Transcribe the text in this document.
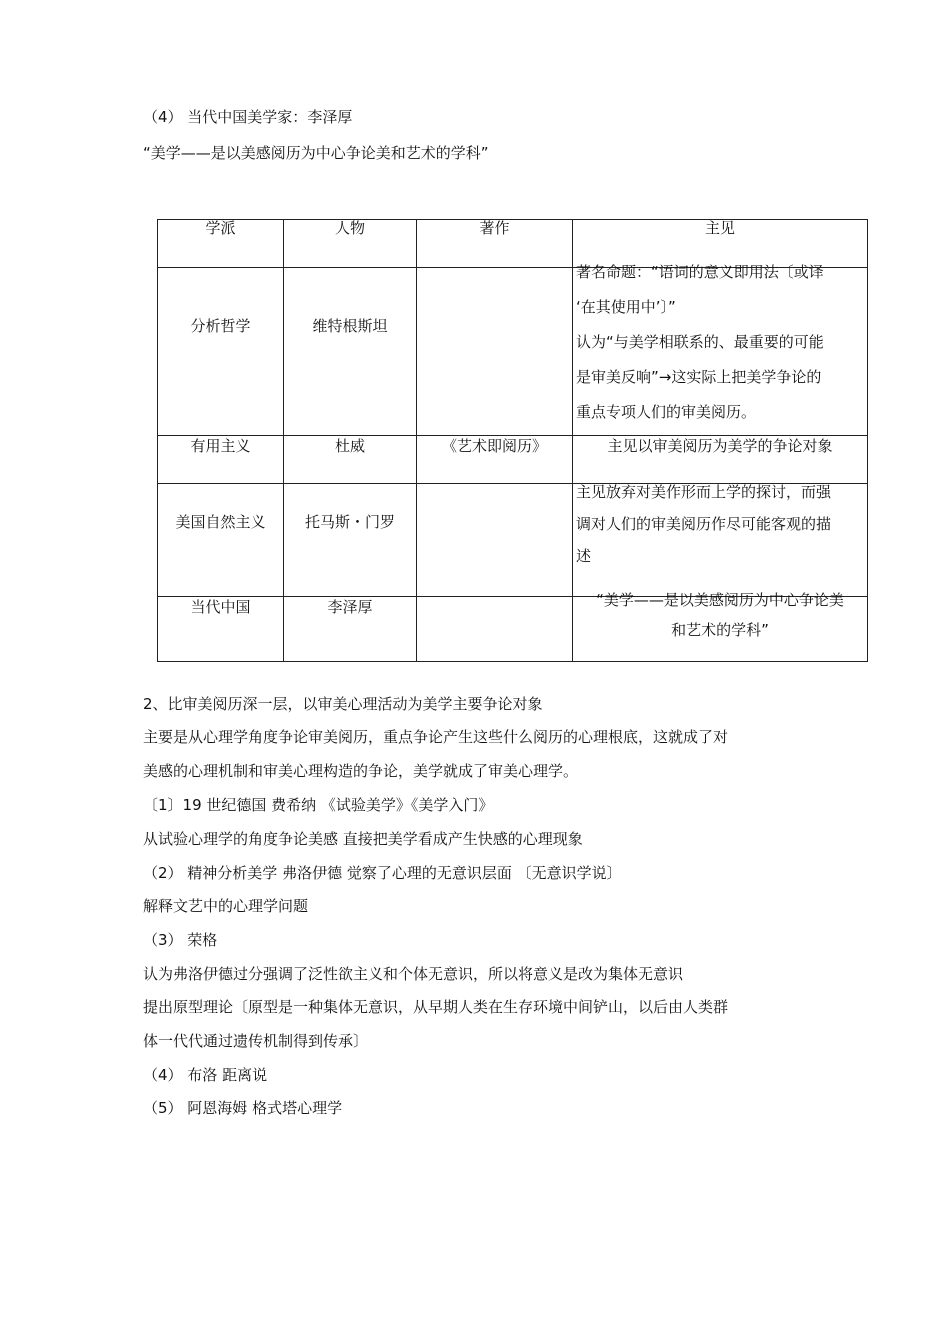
（4） 当代中国美学家：李泽厚
“美学——是以美感阅历为中心争论美和艺术的学科”
学派	人物	著作	主见

分析哲学	维特根斯坦		著名命题：“语词的意义即用法〔或译
‘在其使用中’〕”
认为“与美学相联系的、最重要的可能
是审美反响”→这实际上把美学争论的
重点专项人们的审美阅历。

有用主义	杜威	《艺术即阅历》	主见以审美阅历为美学的争论对象

美国自然主义	托马斯・门罗		主见放弃对美作形而上学的探讨，而强
调对人们的审美阅历作尽可能客观的描
述

当代中国	李泽厚		“美学——是以美感阅历为中心争论美
和艺术的学科”
2、比审美阅历深一层，以审美心理活动为美学主要争论对象
主要是从心理学角度争论审美阅历，重点争论产生这些什么阅历的心理根底，这就成了对
美感的心理机制和审美心理构造的争论，美学就成了审美心理学。
〔1〕19 世纪德国 费希纳 《试验美学》《美学入门》
从试验心理学的角度争论美感 直接把美学看成产生快感的心理现象
（2） 精神分析美学 弗洛伊德 觉察了心理的无意识层面 〔无意识学说〕
解释文艺中的心理学问题
（3） 荣格
认为弗洛伊德过分强调了泛性欲主义和个体无意识，所以将意义是改为集体无意识
提出原型理论〔原型是一种集体无意识，从早期人类在生存环境中间铲山，以后由人类群
体一代代通过遗传机制得到传承〕
（4） 布洛 距离说
（5） 阿恩海姆 格式塔心理学
